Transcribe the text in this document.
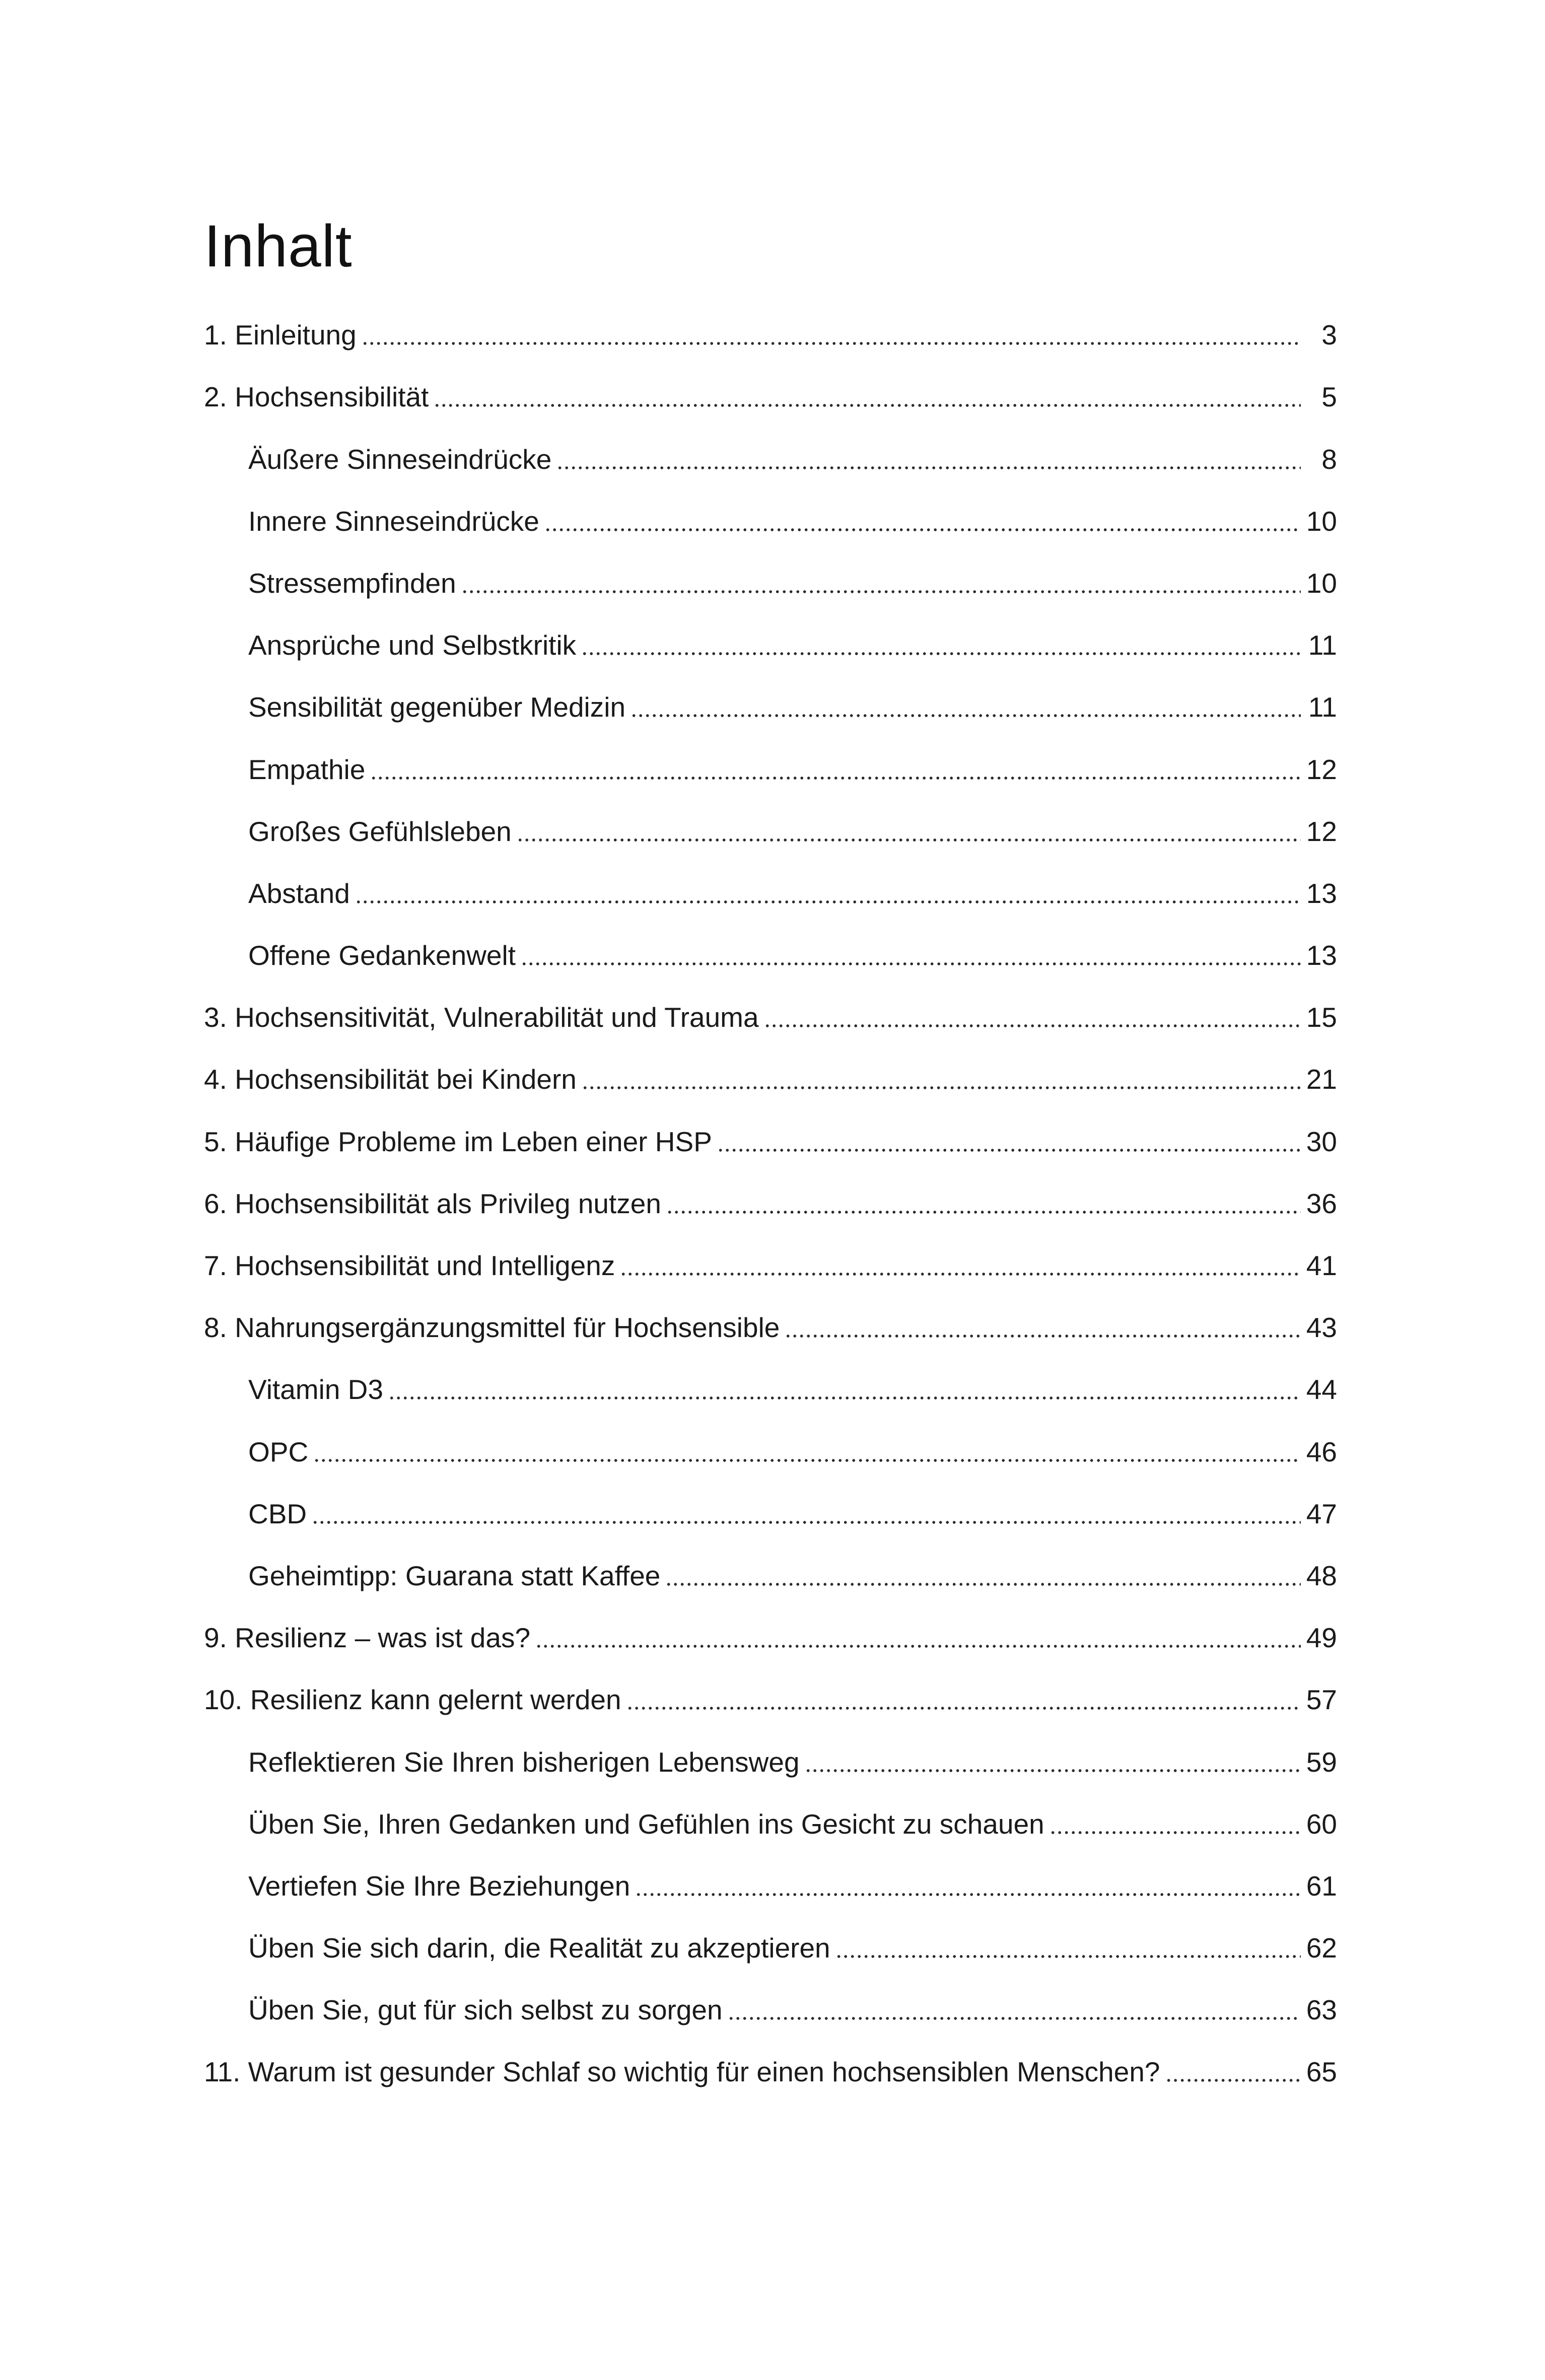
Inhalt
1. Einleitung	3
2. Hochsensibilität	5
Äußere Sinneseindrücke	8
Innere Sinneseindrücke	10
Stressempfinden	10
Ansprüche und Selbstkritik	11
Sensibilität gegenüber Medizin	11
Empathie	12
Großes Gefühlsleben	12
Abstand	13
Offene Gedankenwelt	13
3. Hochsensitivität, Vulnerabilität und Trauma	15
4. Hochsensibilität bei Kindern	21
5. Häufige Probleme im Leben einer HSP	30
6. Hochsensibilität als Privileg nutzen	36
7. Hochsensibilität und Intelligenz	41
8. Nahrungsergänzungsmittel für Hochsensible	43
Vitamin D3	44
OPC	46
CBD	47
Geheimtipp: Guarana statt Kaffee	48
9. Resilienz – was ist das?	49
10. Resilienz kann gelernt werden	57
Reflektieren Sie Ihren bisherigen Lebensweg	59
Üben Sie, Ihren Gedanken und Gefühlen ins Gesicht zu schauen	60
Vertiefen Sie Ihre Beziehungen	61
Üben Sie sich darin, die Realität zu akzeptieren	62
Üben Sie, gut für sich selbst zu sorgen	63
11. Warum ist gesunder Schlaf so wichtig für einen hochsensiblen Menschen?	65
